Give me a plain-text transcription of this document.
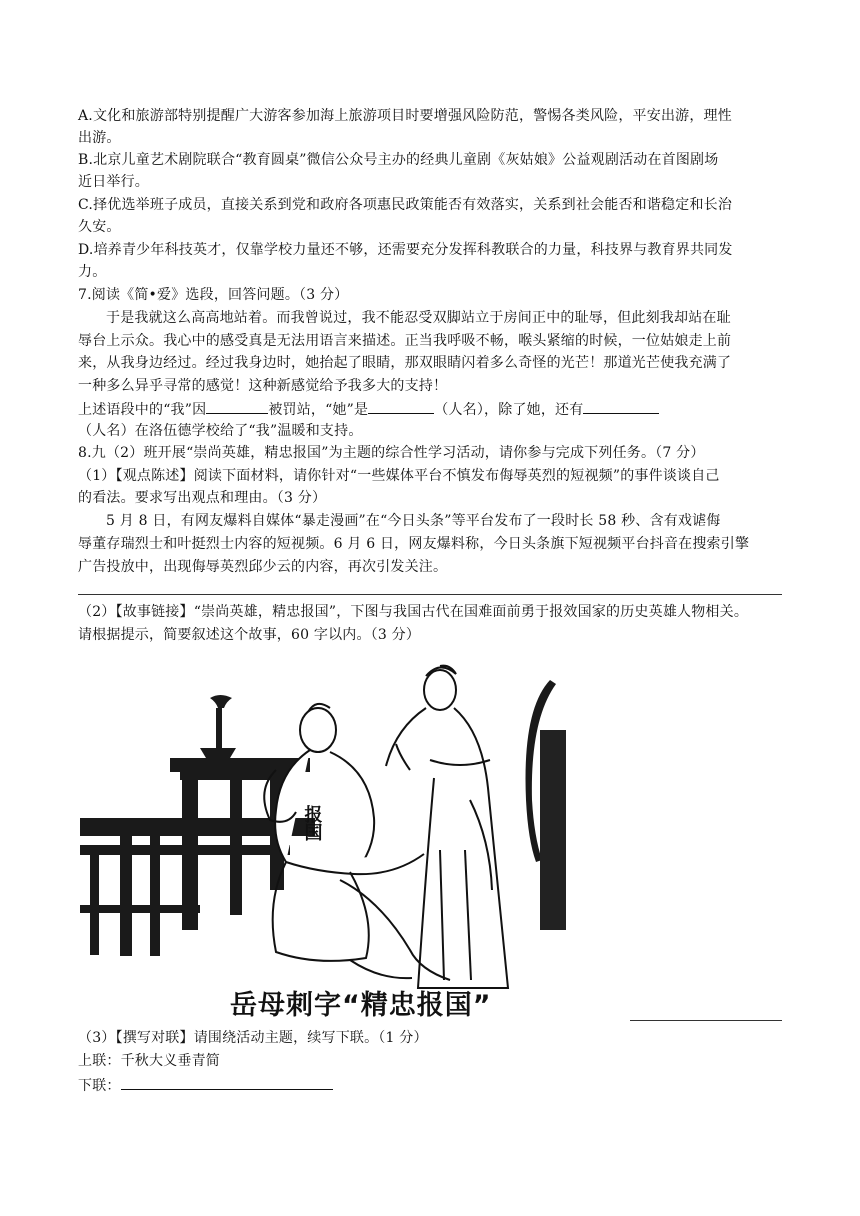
A.文化和旅游部特别提醒广大游客参加海上旅游项目时要增强风险防范，警惕各类风险，平安出游，理性
出游。
B.北京儿童艺术剧院联合“教育圆桌”微信公众号主办的经典儿童剧《灰姑娘》公益观剧活动在首图剧场
近日举行。
C.择优选举班子成员，直接关系到党和政府各项惠民政策能否有效落实，关系到社会能否和谐稳定和长治
久安。
D.培养青少年科技英才，仅靠学校力量还不够，还需要充分发挥科教联合的力量，科技界与教育界共同发
力。
7.阅读《简•爱》选段，回答问题。（3 分）
于是我就这么高高地站着。而我曾说过，我不能忍受双脚站立于房间正中的耻辱，但此刻我却站在耻
辱台上示众。我心中的感受真是无法用语言来描述。正当我呼吸不畅，喉头紧缩的时候，一位姑娘走上前
来，从我身边经过。经过我身边时，她抬起了眼睛，那双眼睛闪着多么奇怪的光芒！那道光芒使我充满了
一种多么异乎寻常的感觉！这种新感觉给予我多大的支持！
上述语段中的“我”因	被罚站，“她”是	（人名），除了她，还有
（人名）在洛伍德学校给了“我”温暖和支持。
8.九（2）班开展“崇尚英雄，精忠报国”为主题的综合性学习活动，请你参与完成下列任务。（7 分）
（1）【观点陈述】阅读下面材料，请你针对“一些媒体平台不慎发布侮辱英烈的短视频”的事件谈谈自己
的看法。要求写出观点和理由。（3 分）
5 月 8 日，有网友爆料自媒体“暴走漫画”在“今日头条”等平台发布了一段时长 58 秒、含有戏谑侮
辱董存瑞烈士和叶挺烈士内容的短视频。6 月 6 日，网友爆料称，今日头条旗下短视频平台抖音在搜索引擎
广告投放中，出现侮辱英烈邱少云的内容，再次引发关注。
（2）【故事链接】“崇尚英雄，精忠报国”，下图与我国古代在国难面前勇于报效国家的历史英雄人物相关。
请根据提示，简要叙述这个故事，60 字以内。（3 分）
报国
岳母刺字“精忠报国”
（3）【撰写对联】请围绕活动主题，续写下联。（1 分）
上联：千秋大义垂青简
下联：
